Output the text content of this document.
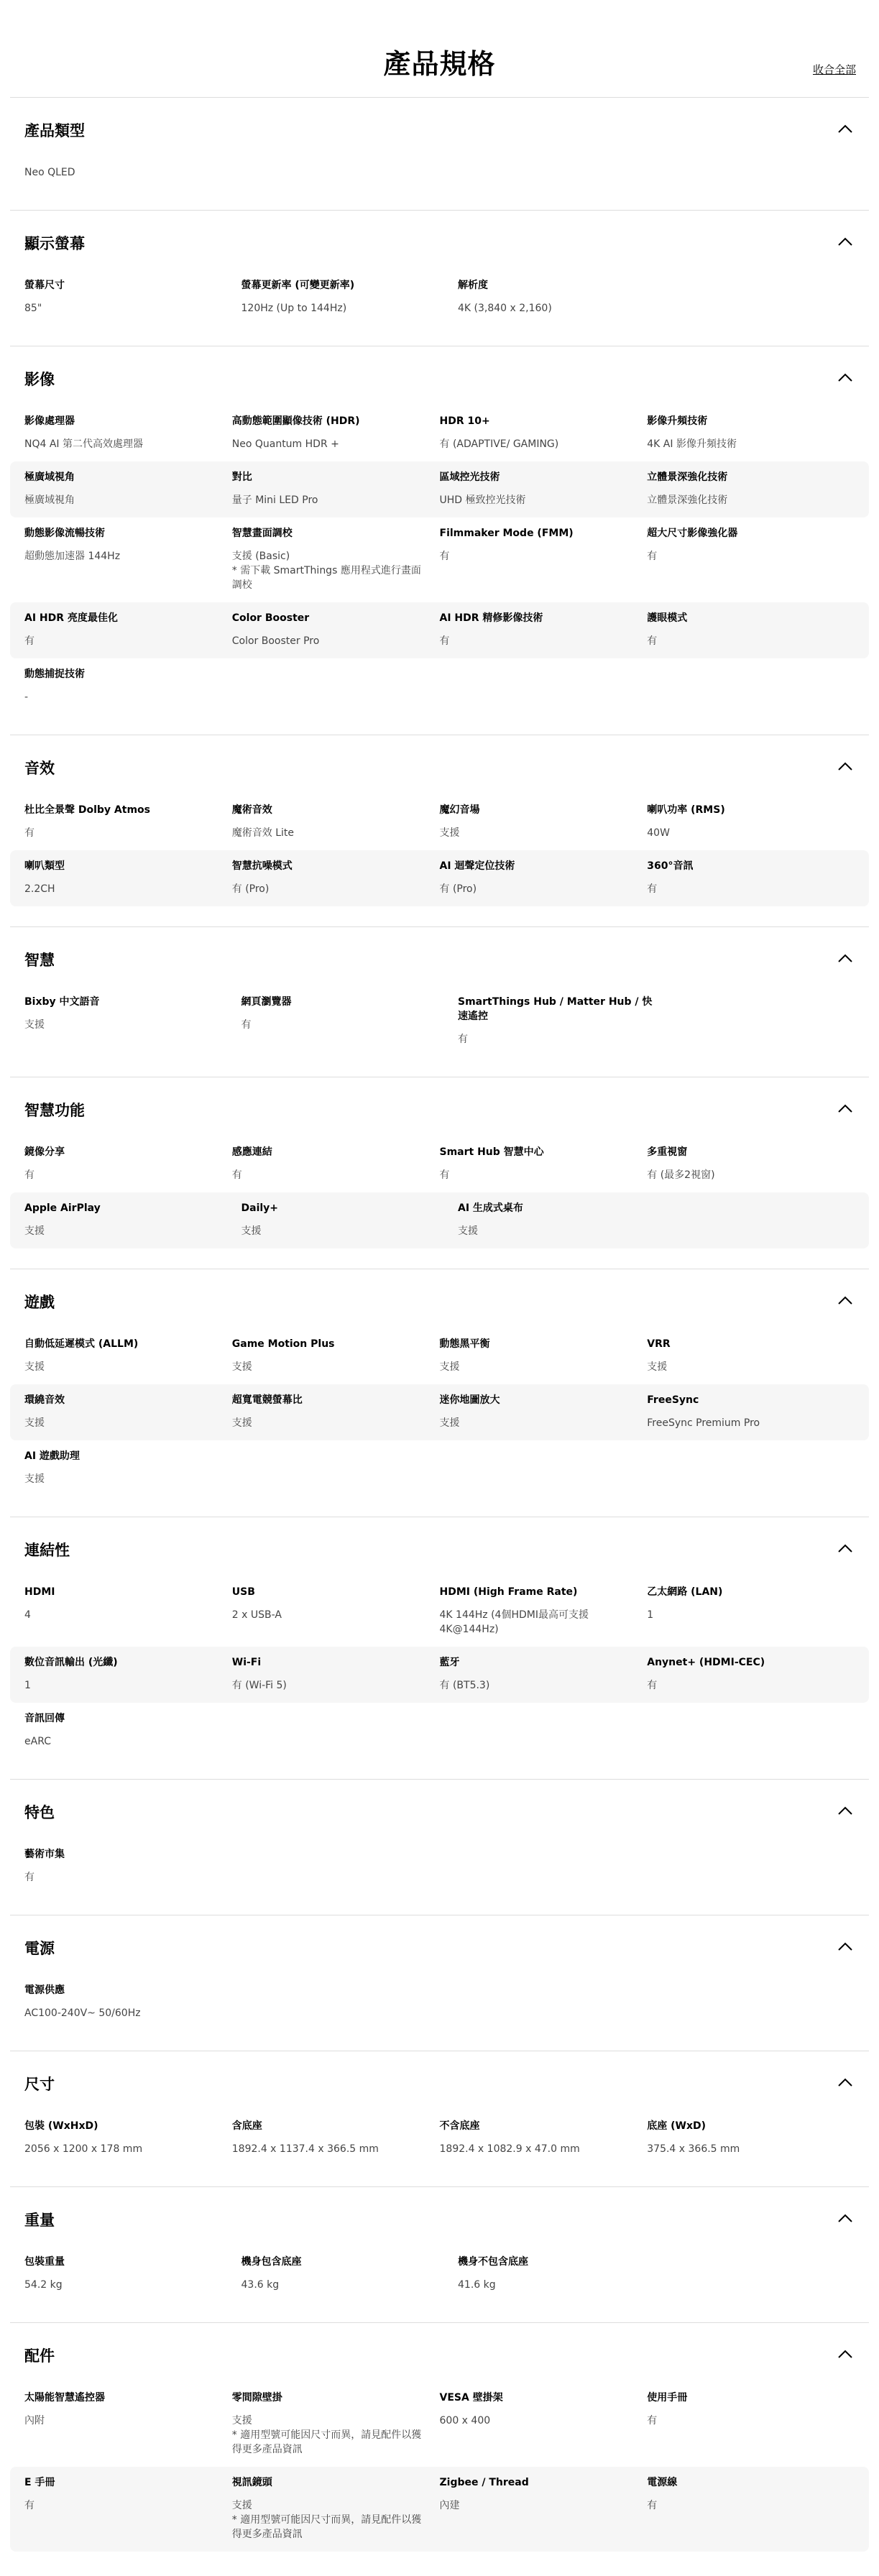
產品規格	收合全部
產品類型
Neo QLED
顯示螢幕
螢幕尺寸
85"
螢幕更新率 (可變更新率)
120Hz (Up to 144Hz)
解析度
4K (3,840 x 2,160)
影像
影像處理器
NQ4 AI 第二代高效處理器
高動態範圍顯像技術 (HDR)
Neo Quantum HDR +
HDR 10+
有 (ADAPTIVE/ GAMING)
影像升頻技術
4K AI 影像升頻技術
極廣域視角
極廣域視角
對比
量子 Mini LED Pro
區域控光技術
UHD 極致控光技術
立體景深強化技術
立體景深強化技術
動態影像流暢技術
超動態加速器 144Hz
智慧畫面調校
支援 (Basic)
* 需下載 SmartThings 應用程式進行畫面調校
Filmmaker Mode (FMM)
有
超大尺寸影像強化器
有
AI HDR 亮度最佳化
有
Color Booster
Color Booster Pro
AI HDR 精修影像技術
有
護眼模式
有
動態捕捉技術
-
音效
杜比全景聲 Dolby Atmos
有
魔術音效
魔術音效 Lite
魔幻音場
支援
喇叭功率 (RMS)
40W
喇叭類型
2.2CH
智慧抗噪模式
有 (Pro)
AI 迴聲定位技術
有 (Pro)
360°音訊
有
智慧
Bixby 中文語音
支援
網頁瀏覽器
有
SmartThings Hub / Matter Hub / 快速遙控
有
智慧功能
鏡像分享
有
感應連結
有
Smart Hub 智慧中心
有
多重視窗
有 (最多2視窗)
Apple AirPlay
支援
Daily+
支援
AI 生成式桌布
支援
遊戲
自動低延遲模式 (ALLM)
支援
Game Motion Plus
支援
動態黑平衡
支援
VRR
支援
環繞音效
支援
超寬電競螢幕比
支援
迷你地圖放大
支援
FreeSync
FreeSync Premium Pro
AI 遊戲助理
支援
連結性
HDMI
4
USB
2 x USB-A
HDMI (High Frame Rate)
4K 144Hz (4個HDMI最高可支援4K@144Hz)
乙太網路 (LAN)
1
數位音訊輸出 (光纖)
1
Wi-Fi
有 (Wi-Fi 5)
藍牙
有 (BT5.3)
Anynet+ (HDMI-CEC)
有
音訊回傳
eARC
特色
藝術市集
有
電源
電源供應
AC100-240V~ 50/60Hz
尺寸
包裝 (WxHxD)
2056 x 1200 x 178 mm
含底座
1892.4 x 1137.4 x 366.5 mm
不含底座
1892.4 x 1082.9 x 47.0 mm
底座 (WxD)
375.4 x 366.5 mm
重量
包裝重量
54.2 kg
機身包含底座
43.6 kg
機身不包含底座
41.6 kg
配件
太陽能智慧遙控器
內附
零間隙壁掛
支援
* 適用型號可能因尺寸而異，請見配件以獲得更多產品資訊
VESA 壁掛架
600 x 400
使用手冊
有
E 手冊
有
視訊鏡頭
支援
* 適用型號可能因尺寸而異，請見配件以獲得更多產品資訊
Zigbee / Thread
內建
電源線
有
